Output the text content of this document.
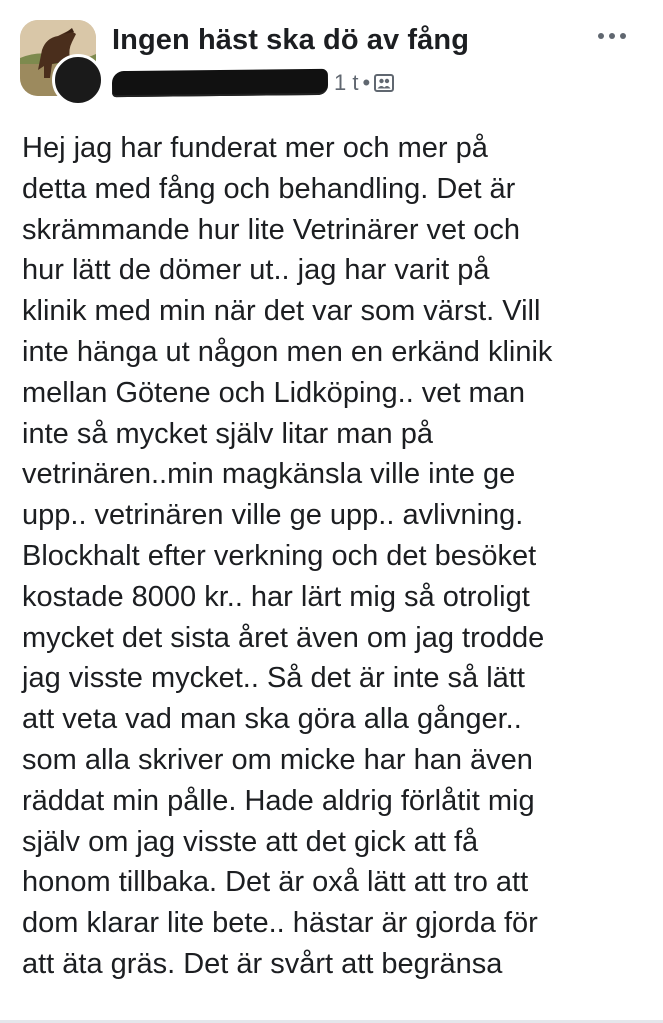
Ingen häst ska dö av fång
1 t •
Hej jag har funderat mer och mer på
detta med fång och behandling. Det är
skrämmande hur lite Vetrinärer vet och
hur lätt de dömer ut.. jag har varit på
klinik med min när det var som värst. Vill
inte hänga ut någon men en erkänd klinik
mellan Götene och Lidköping.. vet man
inte så mycket själv litar man på
vetrinären..min magkänsla ville inte ge
upp.. vetrinären ville ge upp.. avlivning.
Blockhalt efter verkning och det besöket
kostade 8000 kr.. har lärt mig så otroligt
mycket det sista året även om jag trodde
jag visste mycket.. Så det är inte så lätt
att veta vad man ska göra alla gånger..
som alla skriver om micke har han även
räddat min pålle. Hade aldrig förlåtit mig
själv om jag visste att det gick att få
honom tillbaka. Det är oxå lätt att tro att
dom klarar lite bete.. hästar är gjorda för
att äta gräs. Det är svårt att begränsa
